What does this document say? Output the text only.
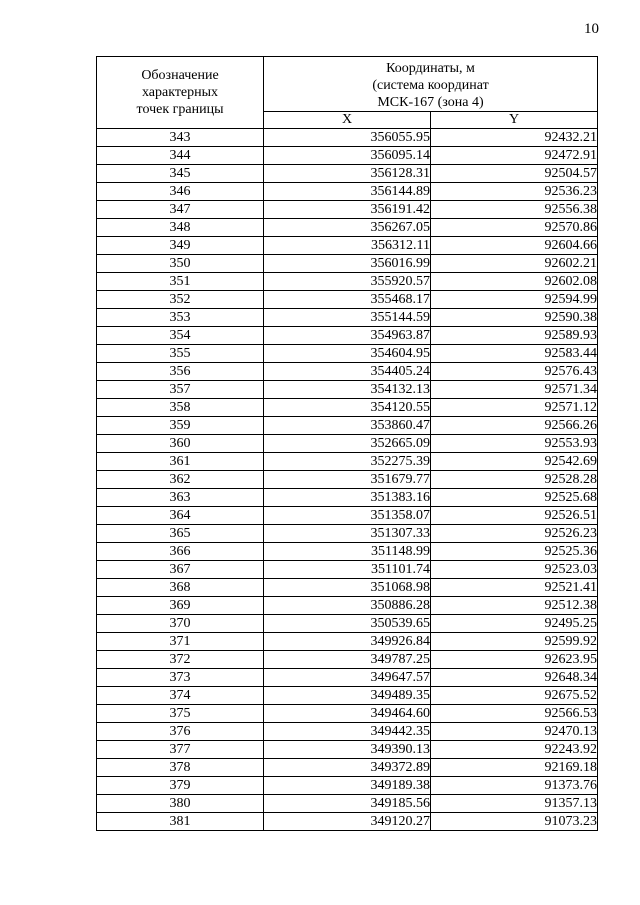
10
Обозначение
характерных
точек границы	Координаты, м
(система координат
МСК-167 (зона 4)	

	X	Y
343	356055.95	92432.21
344	356095.14	92472.91
345	356128.31	92504.57
346	356144.89	92536.23
347	356191.42	92556.38
348	356267.05	92570.86
349	356312.11	92604.66
350	356016.99	92602.21
351	355920.57	92602.08
352	355468.17	92594.99
353	355144.59	92590.38
354	354963.87	92589.93
355	354604.95	92583.44
356	354405.24	92576.43
357	354132.13	92571.34
358	354120.55	92571.12
359	353860.47	92566.26
360	352665.09	92553.93
361	352275.39	92542.69
362	351679.77	92528.28
363	351383.16	92525.68
364	351358.07	92526.51
365	351307.33	92526.23
366	351148.99	92525.36
367	351101.74	92523.03
368	351068.98	92521.41
369	350886.28	92512.38
370	350539.65	92495.25
371	349926.84	92599.92
372	349787.25	92623.95
373	349647.57	92648.34
374	349489.35	92675.52
375	349464.60	92566.53
376	349442.35	92470.13
377	349390.13	92243.92
378	349372.89	92169.18
379	349189.38	91373.76
380	349185.56	91357.13
381	349120.27	91073.23
